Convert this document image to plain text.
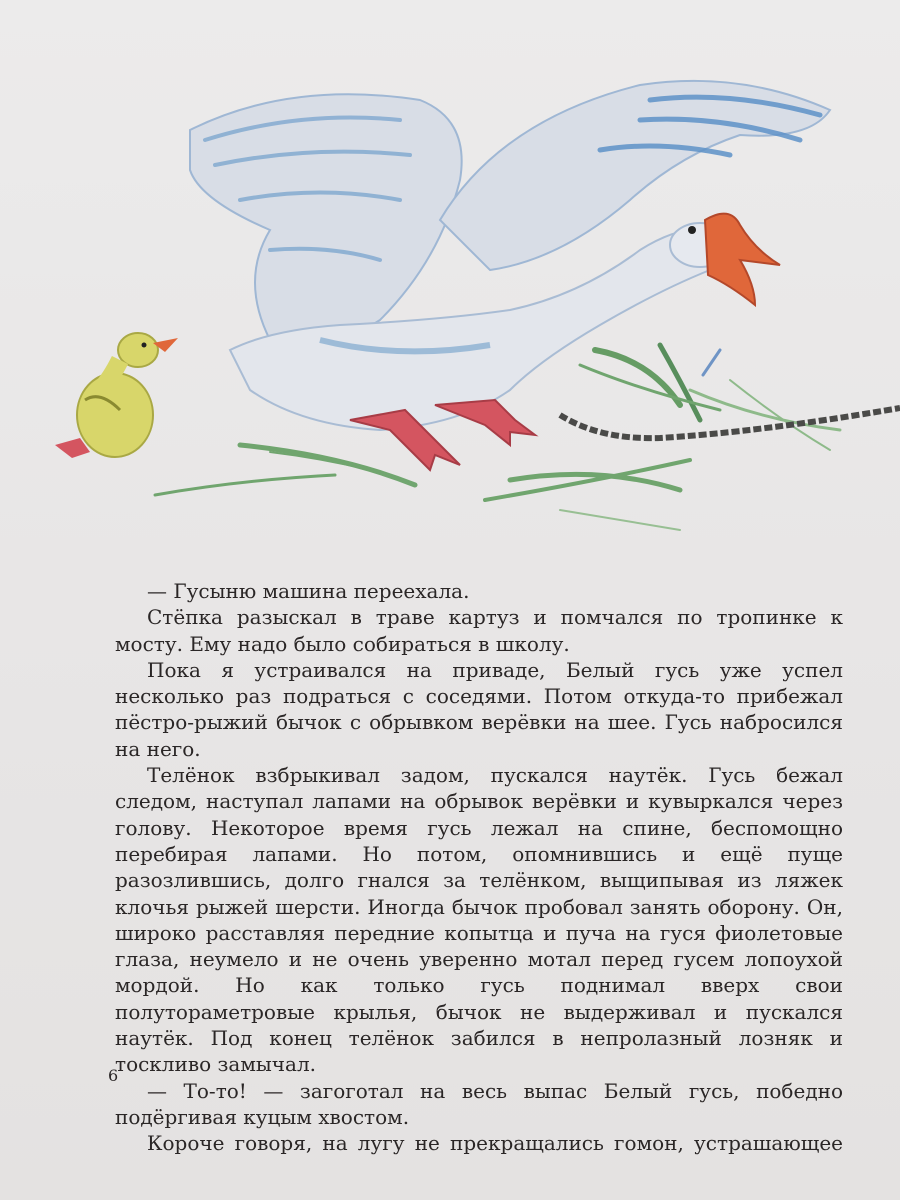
— Гусыню машина переехала.

Стёпка разыскал в траве картуз и помчался по тропинке к мосту. Ему надо было собираться в школу.

Пока я устраивался на приваде, Белый гусь уже успел несколько раз подраться с соседями. Потом откуда-то прибежал пёстро-рыжий бычок с обрывком верёвки на шее. Гусь набросился на него.

Телёнок взбрыкивал задом, пускался наутёк. Гусь бежал следом, наступал лапами на обрывок верёвки и кувыркался через голову. Некоторое время гусь лежал на спине, беспомощно перебирая лапами. Но потом, опомнившись и ещё пуще разозлившись, долго гнался за телёнком, выщипывая из ляжек клочья рыжей шерсти. Иногда бычок пробовал занять оборону. Он, широко расставляя передние копытца и пуча на гуся фиолетовые глаза, неумело и не очень уверенно мотал перед гусем лопоухой мордой. Но как только гусь поднимал вверх свои полутораметровые крылья, бычок не выдерживал и пускался наутёк. Под конец телёнок забился в непролазный лозняк и тоскливо замычал.

— То-то! — загоготал на весь выпас Белый гусь, победно подёргивая куцым хвостом.

Короче говоря, на лугу не прекращались гомон, устрашающее

6
